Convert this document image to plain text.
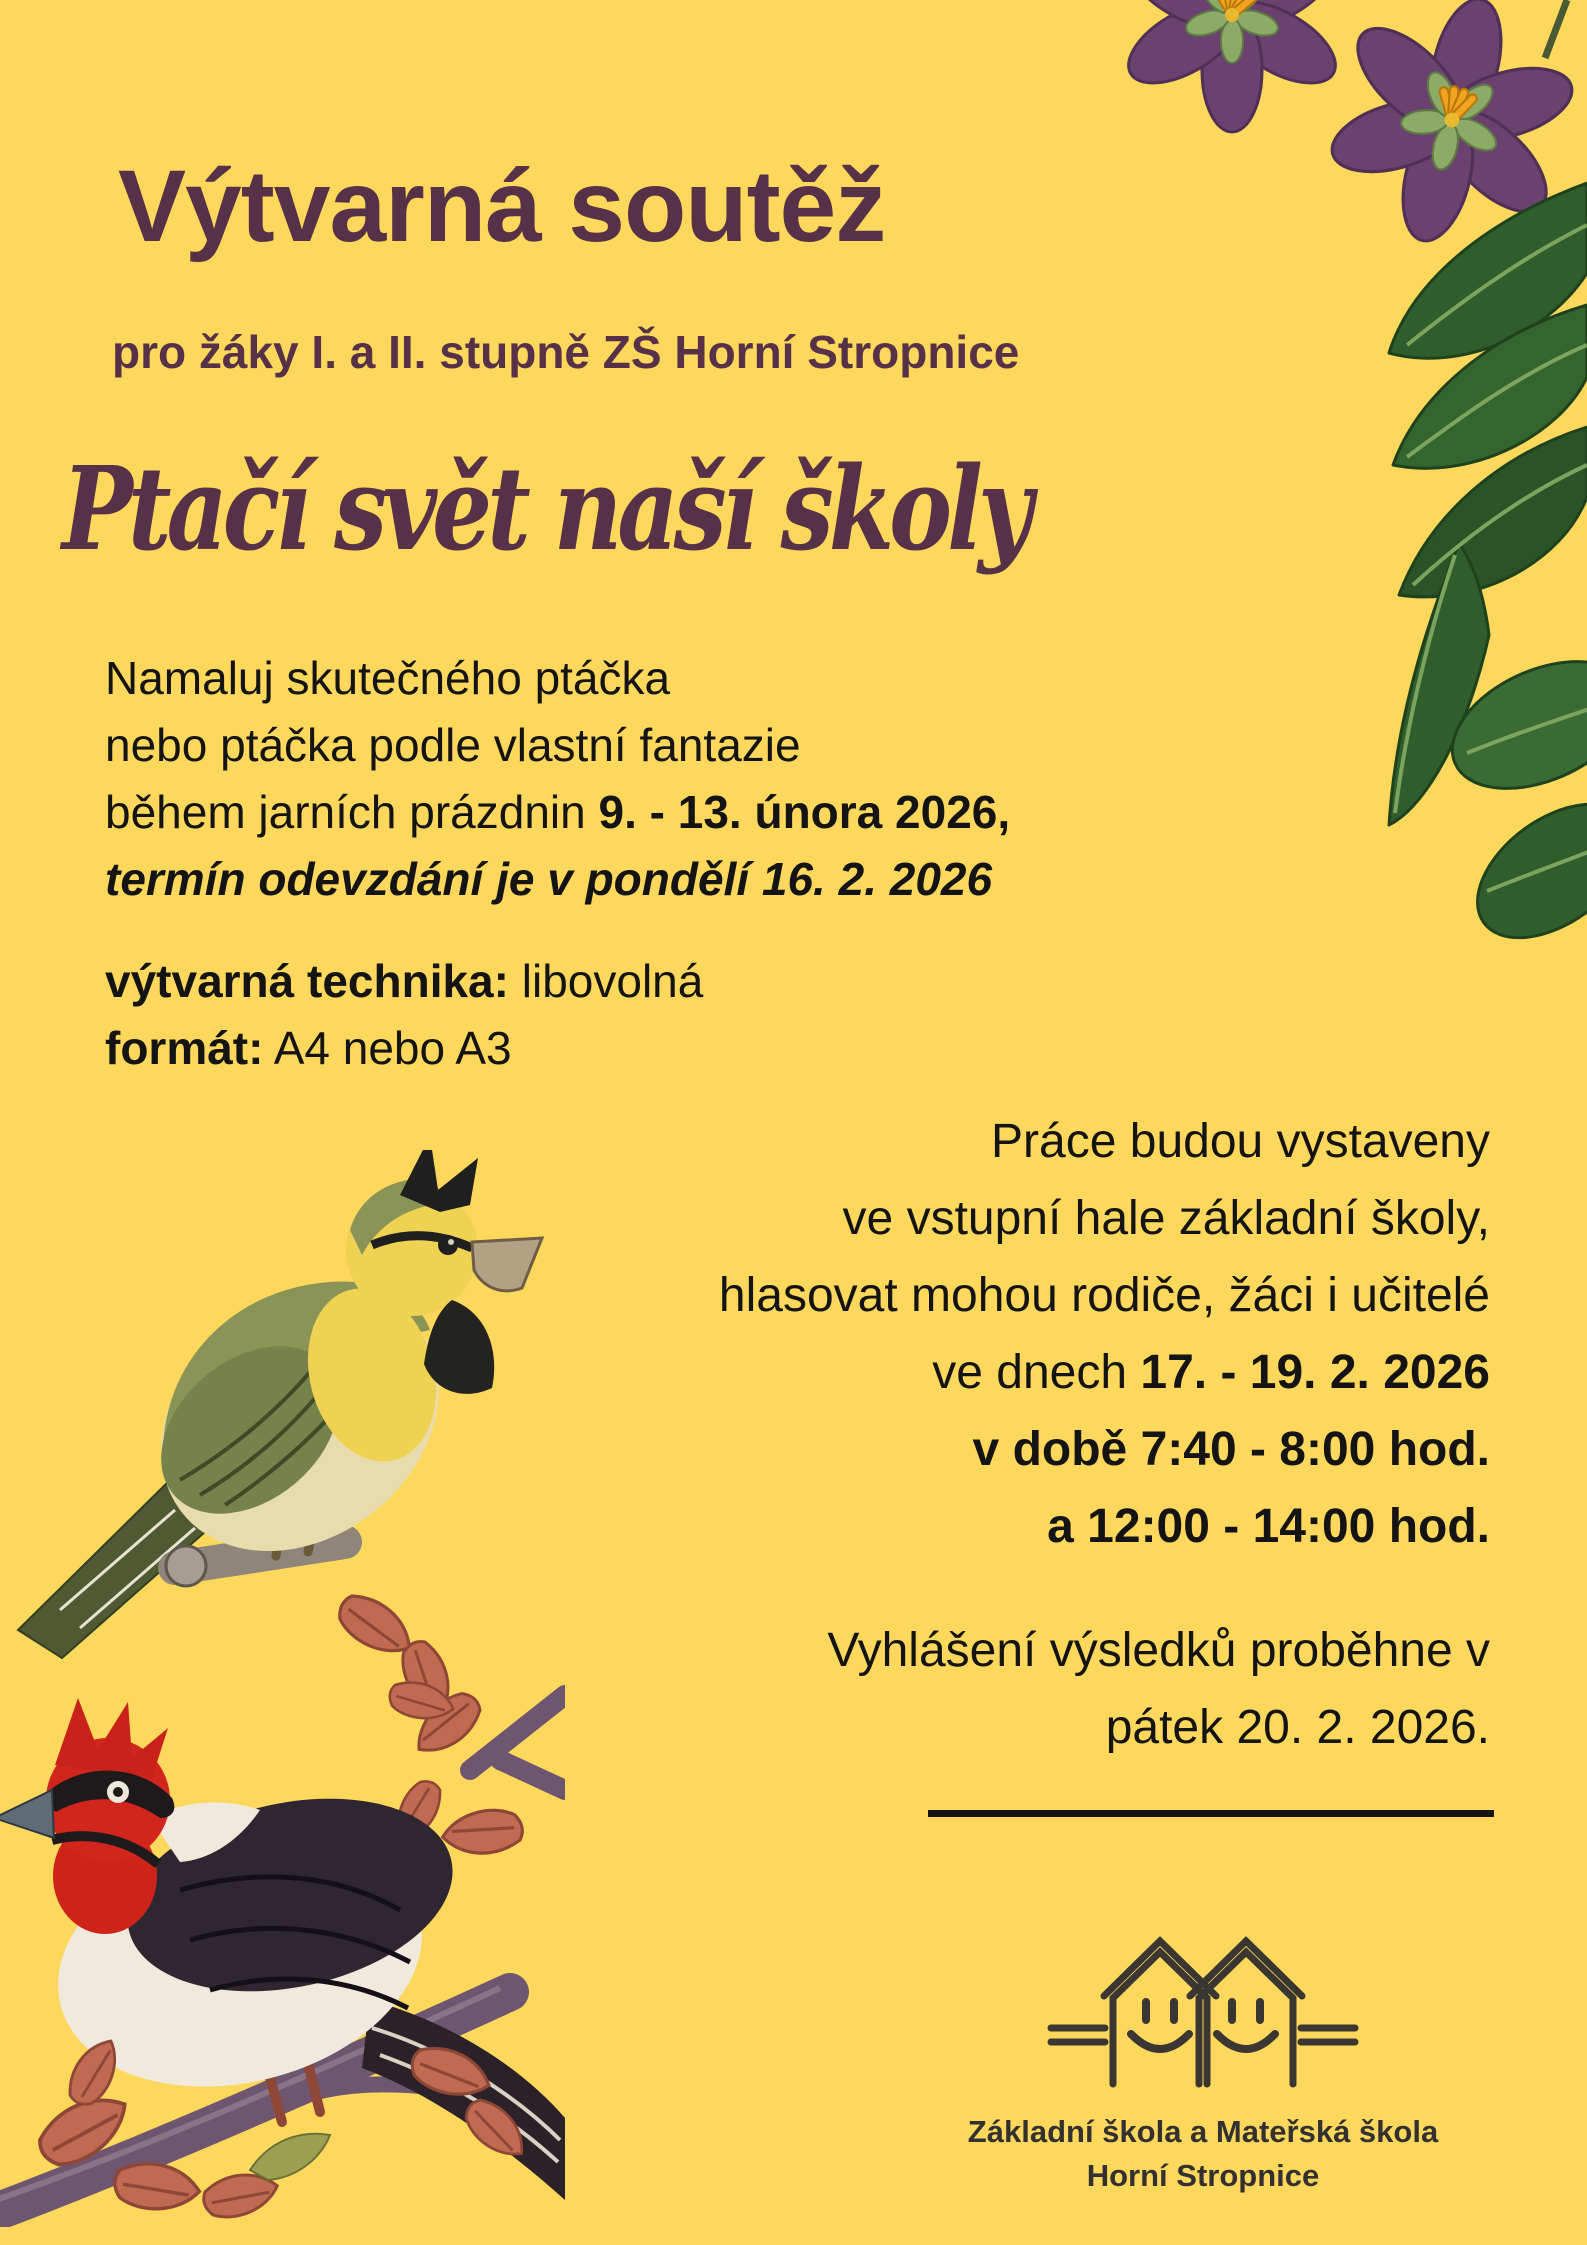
Výtvarná soutěž
pro žáky I. a II. stupně ZŠ Horní Stropnice
Ptačí svět naší školy
Namaluj skutečného ptáčka
nebo ptáčka podle vlastní fantazie
během jarních prázdnin 9. - 13. února 2026,
termín odevzdání je v pondělí 16. 2. 2026
výtvarná technika: libovolná
formát: A4 nebo A3
Práce budou vystaveny
ve vstupní hale základní školy,
hlasovat mohou rodiče, žáci i učitelé
ve dnech 17. - 19. 2. 2026
v době 7:40 - 8:00 hod.
a 12:00 - 14:00 hod.
Vyhlášení výsledků proběhne v
pátek 20. 2. 2026.
Základní škola a Mateřská škola
Horní Stropnice
